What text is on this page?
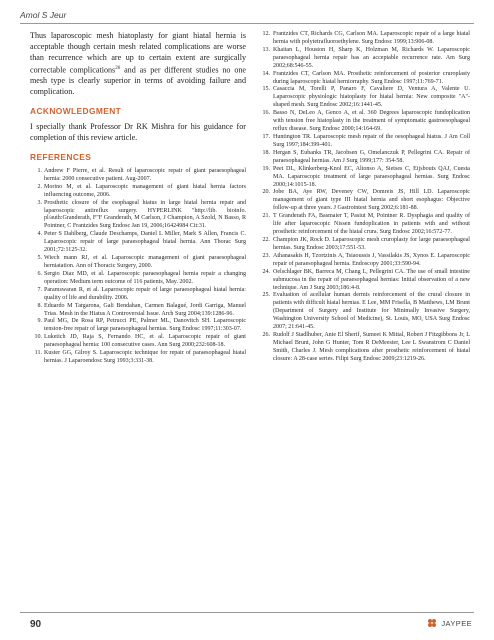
Amol S Jeur

Thus laparoscopic mesh hiatoplasty for giant hiatal hernia is acceptable though certain mesh related complications are worse than recurrence which are up to certain extent are surgically correctable complications$^{26}$ and as per different studies no one mesh type is clearly superior in terms of avoiding failure and complication.

ACKNOWLEDGMENT

I specially thank Professor Dr RK Mishra for his guidance for completion of this review article.

REFERENCES
1. Andrew F Pierre, et al. Result of laparoscopic repair of giant paraesophageal hernia: 2000 consecutive patient. Aug-2007.
2. Morino M, et al. Laparoscopic management of giant hiatal hernia factors influencing outcome, 2006.
3. Prosthetic closure of the esophageal hiatus in large hiatal hernia repair and laparoscopic antireflux surgery. HYPERLINK "http://lib. bioinfo. pl/auth:Granderath, F"F Granderath, M Carlson, J Champion, A Szold, N Basso, R Pointner, C Frantzides Surg Endosc Jan 19, 2006;16424984 Cit:31.
4. Peter S Dahlberg, Claude Deschamps, Daniel L Miller, Mark S Allen, Francis C. Laparoscopic repair of large paraesophageal hiatal hernia. Ann Thorac Surg 2001;72:1125-32.
5. Wiech mann RJ, et al. Laparoscopic management of giant paraesophageal herniatation. Ann of Thoracic Surgery, 2000.
6. Sergio Diaz MD, et al. Laparoscopic paraesophageal hernia repair a changing operation: Medium term outcome of 116 patients, May. 2002.
7. Paramswaran R, et al. Laparoscopic repair of large paraesophageal hiatal hernia: quality of life and durability. 2006.
8. Eduardo M Targarona, Gali Bendahan, Carmen Balagué, Jordi Garriga, Manuel Trias. Mesh in the Hiatus A Controversial Issue. Arch Surg 2004;139:1286-96.
9. Paul MG, De Rosa RP, Petrucci PE, Palmer ML, Danovitch SH. Laparoscopic tension-free repair of large paraesophageal hernias. Surg Endosc 1997;11:303-07.
10. Luketich JD, Raja S, Fernando HC, et al. Laparoscopic repair of giant paraesophageal hernia: 100 consecutive cases. Ann Surg 2000;232:608-18.
11. Kuster GG, Gilroy S. Laparoscopic technique for repair of paraesophageal hiatal hernias. J Laparoendosc Surg 1993;3:331-38.
12. Frantzides CT, Richards CG, Carlson MA. Laparoscopic repair of a large hiatal hernia with polytetrafluoroethylene. Surg Endosc 1999;13:906-08.
13. Khaitan L, Houston H, Sharp K, Holzman M, Richards W. Laparoscopic paraesophageal hernia repair has an acceptable recurrence rate. Am Surg 2002;68:546-55.
14. Frantzides CT, Carlson MA. Prosthetic reinforcement of posterior cruroplasty during laparoscopic hiatal herniorraphy. Surg Endosc 1997;11:769-71.
15. Casaccia M, Torelli P, Panaro F, Cavaliere D, Ventura A, Valente U. Laparoscopic physiologic hiatoplasty for hiatal hernia: New composite "A"-shaped mesh. Surg Endosc 2002;16:1441-45.
16. Basso N, DeLeo A, Genco A, et al. 360 Degrees laparoscopic fundoplication with tension free hiatoplasty in the treatment of symptomatic gastroesophageal reflux disease. Surg Endosc 2000;14:164-69.
17. Huntington TR. Laparoscopic mesh repair of the oesophageal hiatus. J Am Coll Surg 1997;184:399-401.
18. Hergan S, Eubanks TR, Jacobsen G, Omelanczuk P, Pellegrini CA. Repair of paraesophageal hernias. Am J Surg 1999;177: 354-58.
19. Peet DL, Klinkerberg-Knol EC, Altonso A, Sietses C, Eijsbouts QAJ, Cuesta MA. Laparoscopic treatment of large paraesophageal hernias. Surg Endosc 2000;14:1015-18.
20. Jobe BA, Aye RW, Deveney CW, Domreis JS, Hill LD. Laparoscopic management of giant type III hiatal hernia and short esophagus: Objective follow-up at three years. J Gastrointest Surg 2002;6:181-88.
21. T Granderath FA, Basmaier T, Pasiut M, Pointner R. Dysphagia and quality of life after laparoscopic Nissen fundoplication in patients with and without prosthetic reinforcement of the hiatal crura. Surg Endosc 2002;16:572-77.
22. Champion JK, Rock D. Laparoscopic mesh cruroplasty for large paraesophageal hernias. Surg Endosc 2003;17:551-53.
23. Athanasakis H, Tzortzinis A, Tsiaoussis J, Vassilakis JS, Xynos E. Laparoscopic repair of paraesophageal hernia. Endoscopy 2001;33:590-94.
24. Oelschlager BK, Barreca M, Chang L, Pellegrini CA. The use of small intestine submucosa in the repair of paraesophageal hernias: Initial observation of a new technique. Am J Surg 2003;186:4-8.
25. Evaluation of acellular human dermis reinforcement of the crural closure in patients with difficult hiatal hernias. E Lee, MM Frisella, B Matthews, LM Brunt (Department of Surgery and Institute for Minimally Invasive Surgery, Washington University School of Medicine), St. Louis, MO, USA Surg Endosc 2007; 21:641-45.
26. Rudolf J Stadlhuber, Anie El Sherif, Sumeet K Mittal, Robert J Fitzgibbons Jr, L Michael Brunt, John G Hunter, Tom R DeMeester, Lee L Swanstrom C Daniel Smith, Charles J. Mesh complications after prosthetic reinforcement of hiatal closure: A 28-case series. Filipi Surg Endosc 2009;23:1219-26.
90	JAYPEE
